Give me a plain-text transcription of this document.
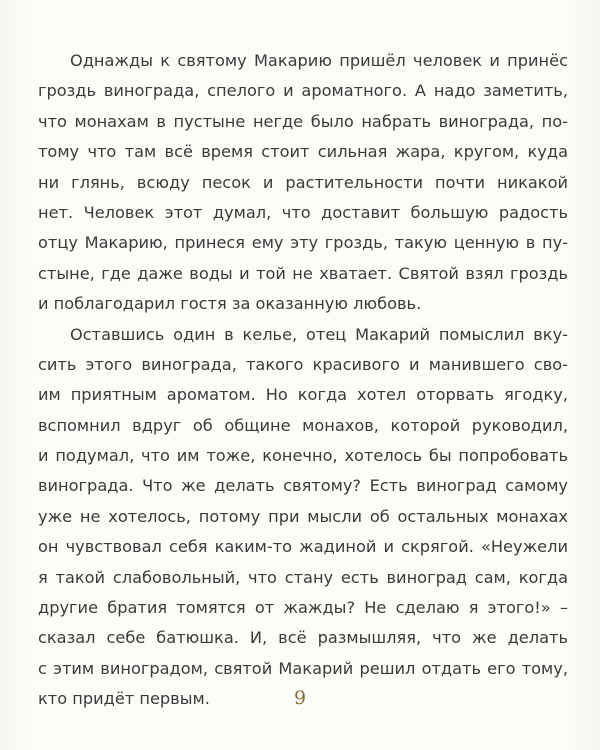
Однажды к святому Макарию пришёл человек и принёс
гроздь винограда, спелого и ароматного. А надо заметить,
что монахам в пустыне негде было набрать винограда, по-
тому что там всё время стоит сильная жара, кругом, куда
ни глянь, всюду песок и растительности почти никакой
нет. Человек этот думал, что доставит большую радость
отцу Макарию, принеся ему эту гроздь, такую ценную в пу-
стыне, где даже воды и той не хватает. Святой взял гроздь
и поблагодарил гостя за оказанную любовь.
Оставшись один в келье, отец Макарий помыслил вку-
сить этого винограда, такого красивого и манившего сво-
им приятным ароматом. Но когда хотел оторвать ягодку,
вспомнил вдруг об общине монахов, которой руководил,
и подумал, что им тоже, конечно, хотелось бы попробовать
винограда. Что же делать святому? Есть виноград самому
уже не хотелось, потому при мысли об остальных монахах
он чувствовал себя каким-то жадиной и скрягой. «Неужели
я такой слабовольный, что стану есть виноград сам, когда
другие братия томятся от жажды? Не сделаю я этого!» –
сказал себе батюшка. И, всё размышляя, что же делать
с этим виноградом, святой Макарий решил отдать его тому,
кто придёт первым.	9
